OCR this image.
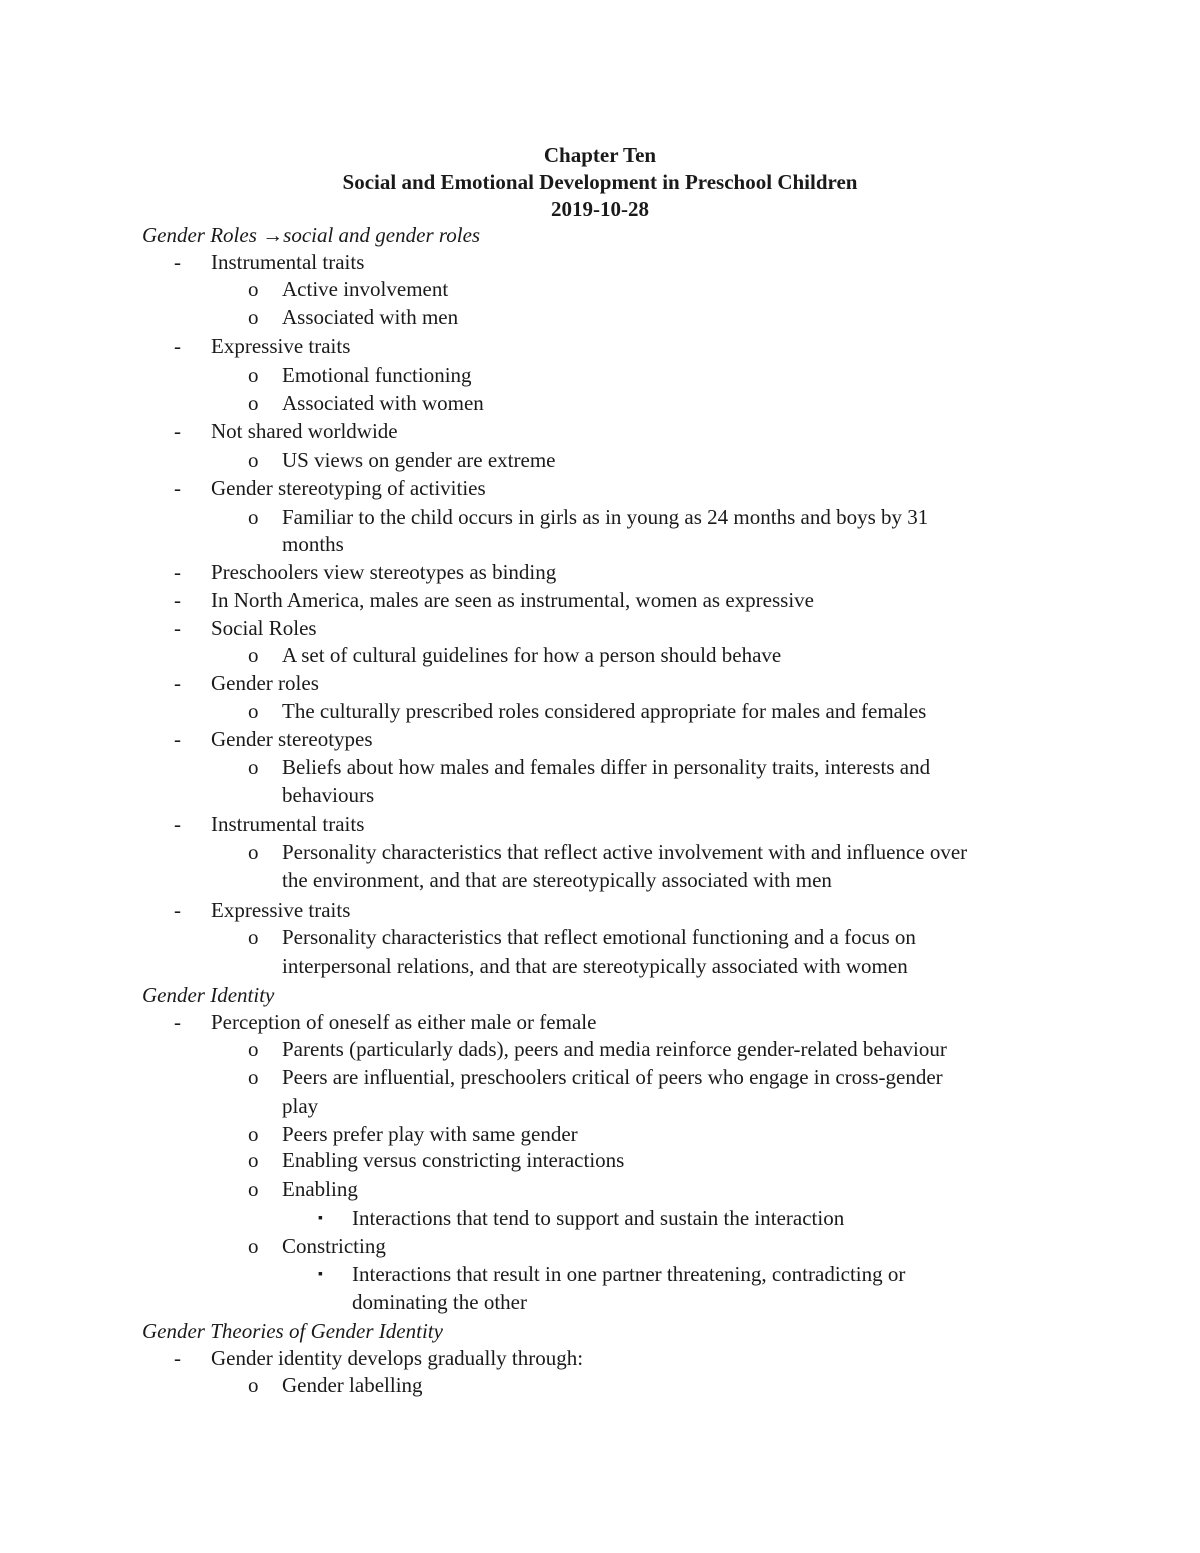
Chapter Ten
Social and Emotional Development in Preschool Children
2019-10-28
Gender Roles →social and gender roles
- Instrumental traits
o Active involvement
o Associated with men
- Expressive traits
o Emotional functioning
o Associated with women
- Not shared worldwide
o US views on gender are extreme
- Gender stereotyping of activities
o Familiar to the child occurs in girls as in young as 24 months and boys by 31
months
- Preschoolers view stereotypes as binding
- In North America, males are seen as instrumental, women as expressive
- Social Roles
o A set of cultural guidelines for how a person should behave
- Gender roles
o The culturally prescribed roles considered appropriate for males and females
- Gender stereotypes
o Beliefs about how males and females differ in personality traits, interests and
behaviours
- Instrumental traits
o Personality characteristics that reflect active involvement with and influence over
the environment, and that are stereotypically associated with men
- Expressive traits
o Personality characteristics that reflect emotional functioning and a focus on
interpersonal relations, and that are stereotypically associated with women
Gender Identity
- Perception of oneself as either male or female
o Parents (particularly dads), peers and media reinforce gender-related behaviour
o Peers are influential, preschoolers critical of peers who engage in cross-gender
play
o Peers prefer play with same gender
o Enabling versus constricting interactions
o Enabling
▪ Interactions that tend to support and sustain the interaction
o Constricting
▪ Interactions that result in one partner threatening, contradicting or
dominating the other
Gender Theories of Gender Identity
- Gender identity develops gradually through:
o Gender labelling
